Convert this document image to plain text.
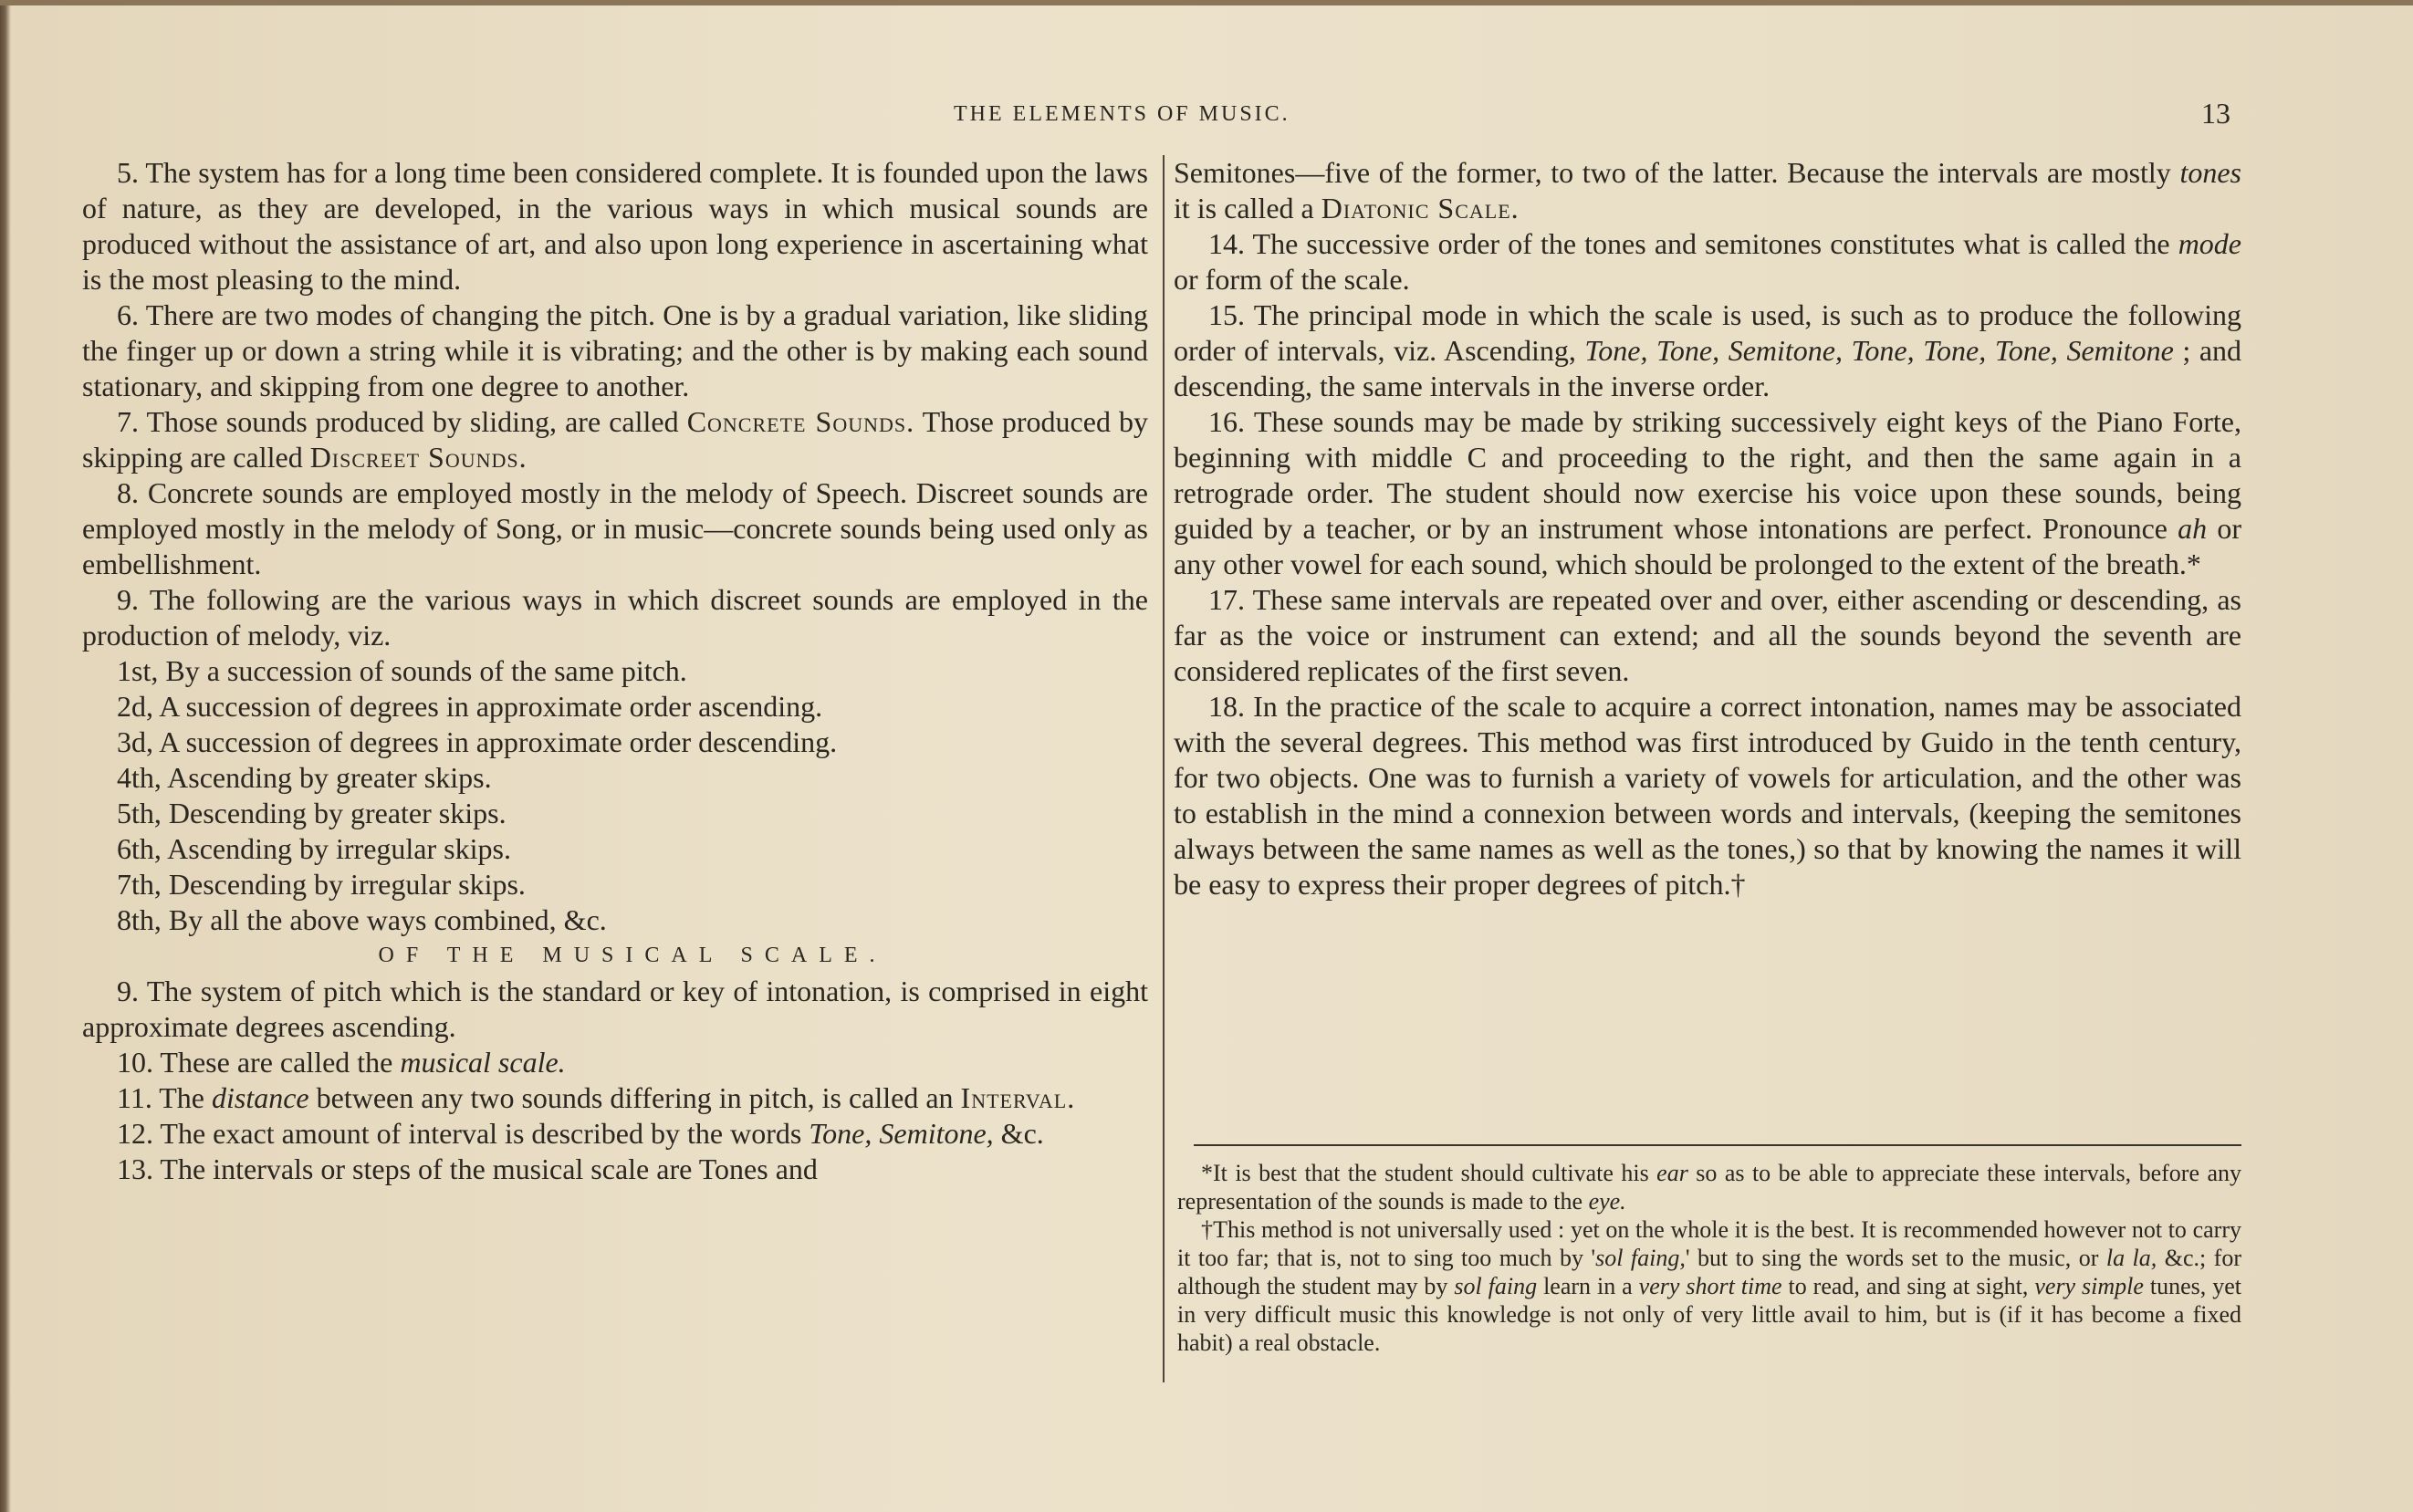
THE ELEMENTS OF MUSIC.	13

5. The system has for a long time been considered complete. It is founded upon the laws of nature, as they are developed, in the various ways in which musical sounds are produced without the assistance of art, and also upon long experience in ascertaining what is the most pleasing to the mind.

6. There are two modes of changing the pitch. One is by a gradual variation, like sliding the finger up or down a string while it is vibrating; and the other is by making each sound stationary, and skipping from one degree to another.

7. Those sounds produced by sliding, are called Concrete Sounds. Those produced by skipping are called Discreet Sounds.

8. Concrete sounds are employed mostly in the melody of Speech. Discreet sounds are employed mostly in the melody of Song, or in music—concrete sounds being used only as embellishment.

9. The following are the various ways in which discreet sounds are employed in the production of melody, viz.

1st, By a succession of sounds of the same pitch.

2d, A succession of degrees in approximate order ascending.

3d, A succession of degrees in approximate order descending.

4th, Ascending by greater skips.

5th, Descending by greater skips.

6th, Ascending by irregular skips.

7th, Descending by irregular skips.

8th, By all the above ways combined, &c.

OF THE MUSICAL SCALE.

9. The system of pitch which is the standard or key of intonation, is comprised in eight approximate degrees ascending.

10. These are called the musical scale.

11. The distance between any two sounds differing in pitch, is called an Interval.

12. The exact amount of interval is described by the words Tone, Semitone, &c.

13. The intervals or steps of the musical scale are Tones and

Semitones—five of the former, to two of the latter. Because the intervals are mostly tones it is called a Diatonic Scale.

14. The successive order of the tones and semitones constitutes what is called the mode or form of the scale.

15. The principal mode in which the scale is used, is such as to produce the following order of intervals, viz. Ascending, Tone, Tone, Semitone, Tone, Tone, Tone, Semitone ; and descending, the same intervals in the inverse order.

16. These sounds may be made by striking successively eight keys of the Piano Forte, beginning with middle C and proceeding to the right, and then the same again in a retrograde order. The student should now exercise his voice upon these sounds, being guided by a teacher, or by an instrument whose intonations are perfect. Pronounce ah or any other vowel for each sound, which should be prolonged to the extent of the breath.*

17. These same intervals are repeated over and over, either ascending or descending, as far as the voice or instrument can extend; and all the sounds beyond the seventh are considered replicates of the first seven.

18. In the practice of the scale to acquire a correct intonation, names may be associated with the several degrees. This method was first introduced by Guido in the tenth century, for two objects. One was to furnish a variety of vowels for articulation, and the other was to establish in the mind a connexion between words and intervals, (keeping the semitones always between the same names as well as the tones,) so that by knowing the names it will be easy to express their proper degrees of pitch.†

*It is best that the student should cultivate his ear so as to be able to appreciate these intervals, before any representation of the sounds is made to the eye.

†This method is not universally used : yet on the whole it is the best. It is recommended however not to carry it too far; that is, not to sing too much by 'sol faing,' but to sing the words set to the music, or la la, &c.; for although the student may by sol faing learn in a very short time to read, and sing at sight, very simple tunes, yet in very difficult music this knowledge is not only of very little avail to him, but is (if it has become a fixed habit) a real obstacle.
